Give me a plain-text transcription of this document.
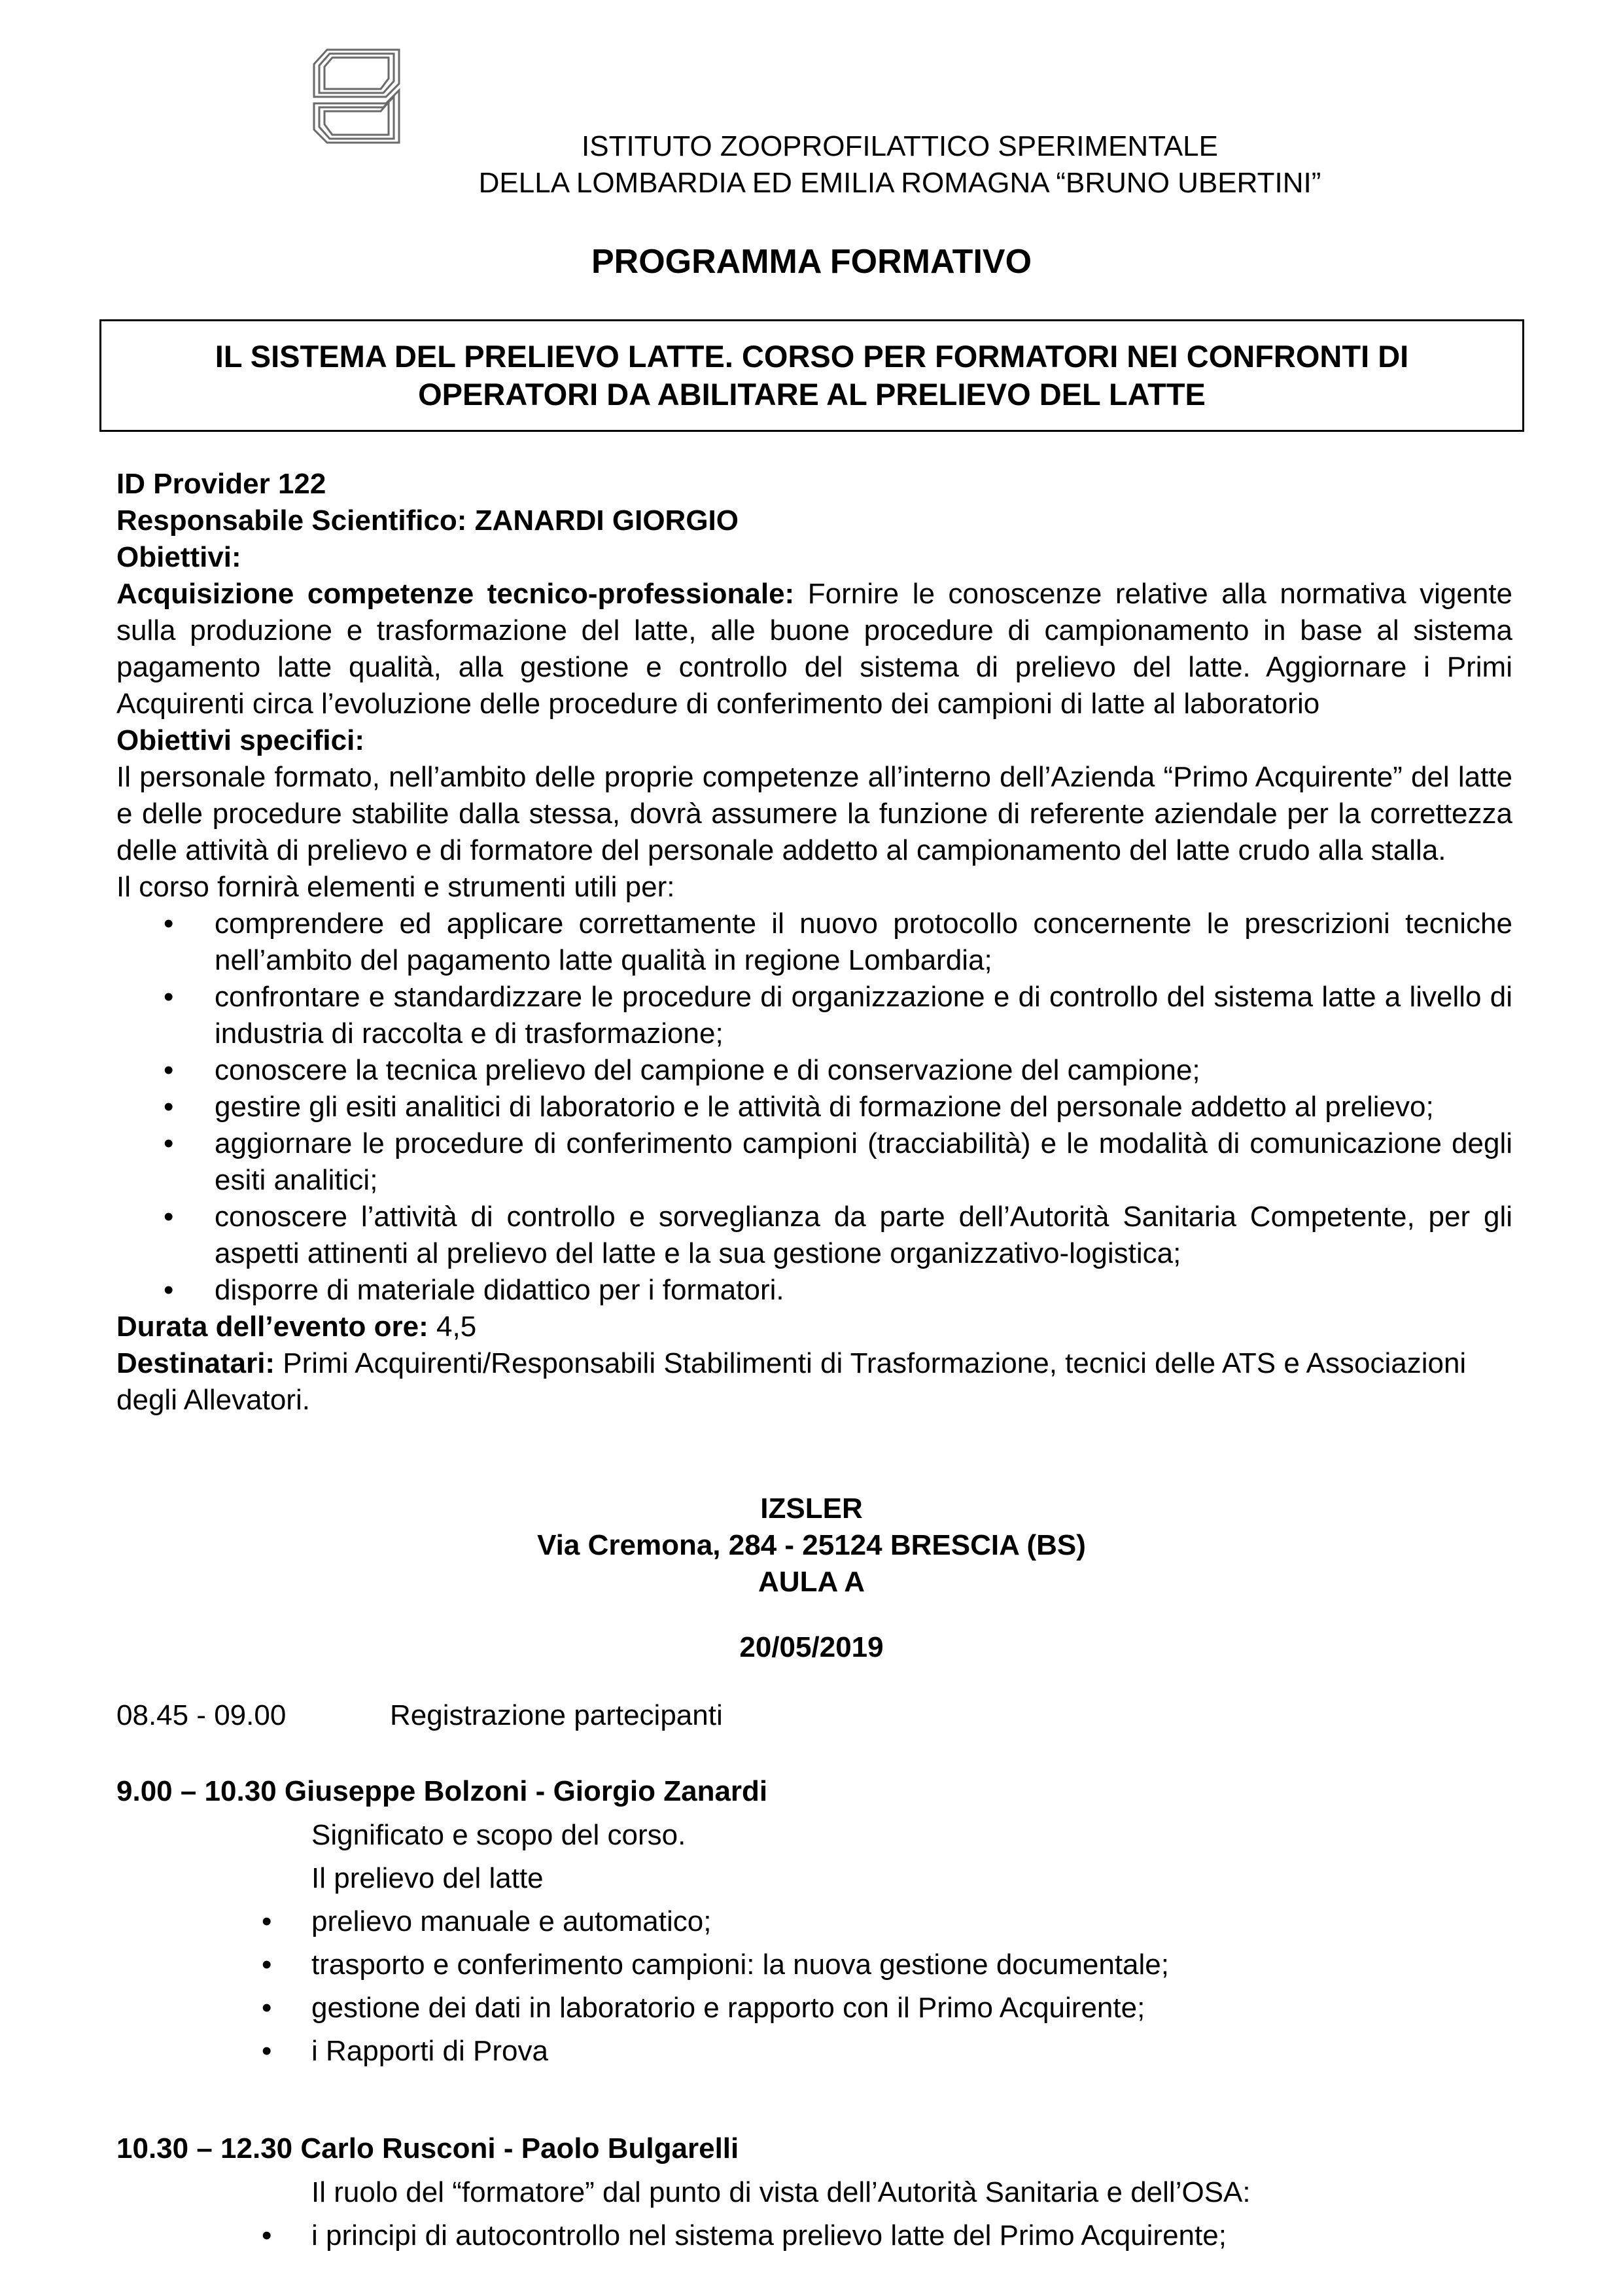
ISTITUTO ZOOPROFILATTICO SPERIMENTALE
DELLA LOMBARDIA ED EMILIA ROMAGNA “BRUNO UBERTINI”
PROGRAMMA FORMATIVO
IL SISTEMA DEL PRELIEVO LATTE. CORSO PER FORMATORI NEI CONFRONTI DI
OPERATORI DA ABILITARE AL PRELIEVO DEL LATTE

ID Provider 122

Responsabile Scientifico: ZANARDI GIORGIO

Obiettivi:

Acquisizione competenze tecnico-professionale: Fornire le conoscenze relative alla normativa vigente sulla produzione e trasformazione del latte, alle buone procedure di campionamento in base al sistema pagamento latte qualità, alla gestione e controllo del sistema di prelievo del latte. Aggiornare i Primi Acquirenti circa l’evoluzione delle procedure di conferimento dei campioni di latte al laboratorio

Obiettivi specifici:

Il personale formato, nell’ambito delle proprie competenze all’interno dell’Azienda “Primo Acquirente” del latte e delle procedure stabilite dalla stessa, dovrà assumere la funzione di referente aziendale per la correttezza delle attività di prelievo e di formatore del personale addetto al campionamento del latte crudo alla stalla.

Il corso fornirà elementi e strumenti utili per:

• comprendere ed applicare correttamente il nuovo protocollo concernente le prescrizioni tecniche nell’ambito del pagamento latte qualità in regione Lombardia;
• confrontare e standardizzare le procedure di organizzazione e di controllo del sistema latte a livello di industria di raccolta e di trasformazione;
• conoscere la tecnica prelievo del campione e di conservazione del campione;
• gestire gli esiti analitici di laboratorio e le attività di formazione del personale addetto al prelievo;
• aggiornare le procedure di conferimento campioni (tracciabilità) e le modalità di comunicazione degli esiti analitici;
• conoscere l’attività di controllo e sorveglianza da parte dell’Autorità Sanitaria Competente, per gli aspetti attinenti al prelievo del latte e la sua gestione organizzativo-logistica;
• disporre di materiale didattico per i formatori.

Durata dell’evento ore: 4,5

Destinatari: Primi Acquirenti/Responsabili Stabilimenti di Trasformazione, tecnici delle ATS e Associazioni degli Allevatori.

IZSLER
Via Cremona, 284 - 25124 BRESCIA (BS)
AULA A
20/05/2019
08.45 - 09.00	Registrazione partecipanti
9.00 – 10.30 Giuseppe Bolzoni - Giorgio Zanardi
Significato e scopo del corso.
Il prelievo del latte
• prelievo manuale e automatico;
• trasporto e conferimento campioni: la nuova gestione documentale;
• gestione dei dati in laboratorio e rapporto con il Primo Acquirente;
• i Rapporti di Prova
10.30 – 12.30 Carlo Rusconi - Paolo Bulgarelli
Il ruolo del “formatore” dal punto di vista dell’Autorità Sanitaria e dell’OSA:
• i principi di autocontrollo nel sistema prelievo latte del Primo Acquirente;
